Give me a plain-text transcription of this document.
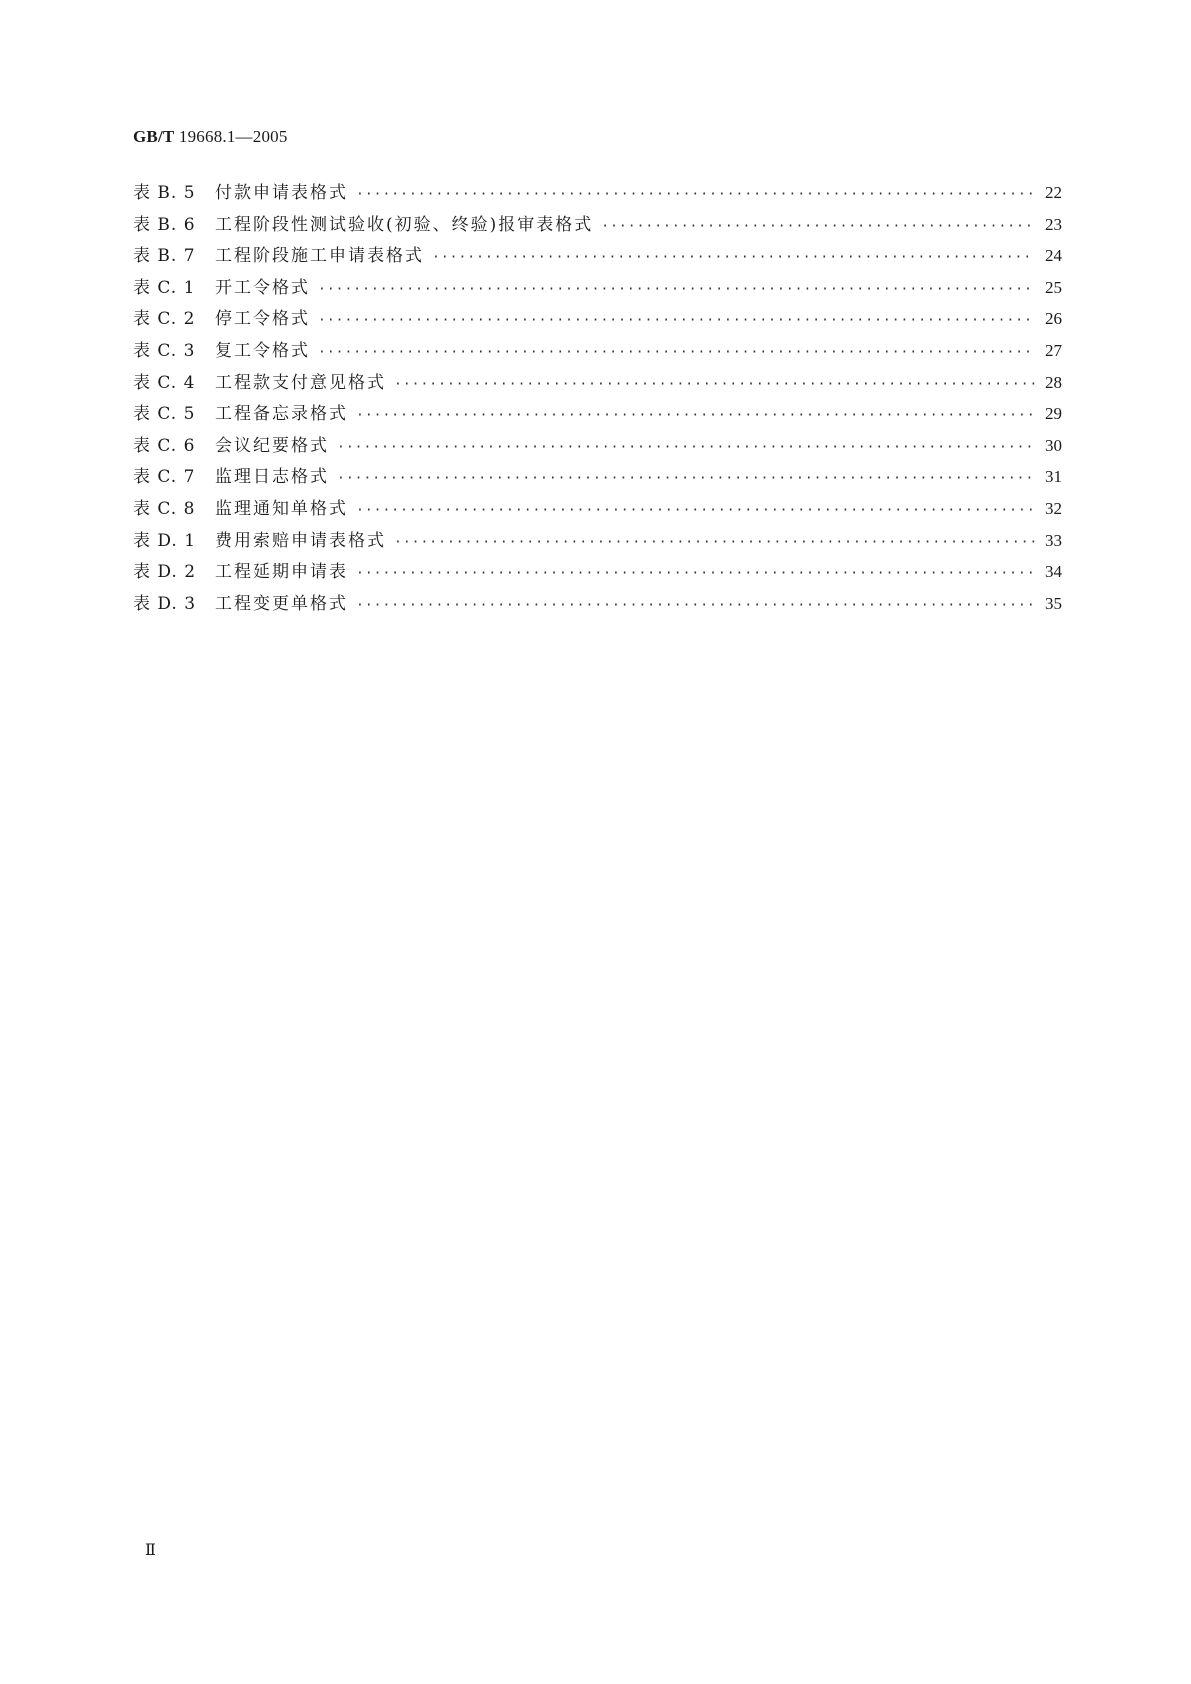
GB/T 19668.1—2005
表 B. 5	付款申请表格式 ·····	22
表 B. 6	工程阶段性测试验收(初验、终验)报审表格式 ·····	23
表 B. 7	工程阶段施工申请表格式 ·····	24
表 C. 1	开工令格式 ·····	25
表 C. 2	停工令格式 ·····	26
表 C. 3	复工令格式 ·····	27
表 C. 4	工程款支付意见格式 ·····	28
表 C. 5	工程备忘录格式 ·····	29
表 C. 6	会议纪要格式 ·····	30
表 C. 7	监理日志格式 ·····	31
表 C. 8	监理通知单格式 ·····	32
表 D. 1	费用索赔申请表格式 ·····	33
表 D. 2	工程延期申请表 ·····	34
表 D. 3	工程变更单格式 ·····	35
Ⅱ
